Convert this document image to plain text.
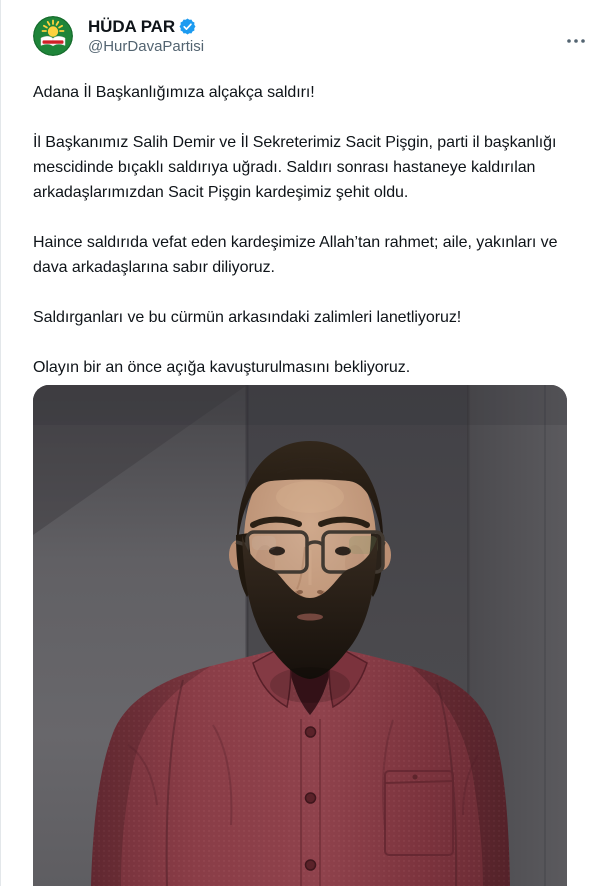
HÜDA PAR
@HurDavaPartisi

Adana İl Başkanlığımıza alçakça saldırı!

İl Başkanımız Salih Demir ve İl Sekreterimiz Sacit Pişgin, parti il başkanlığı mescidinde bıçaklı saldırıya uğradı. Saldırı sonrası hastaneye kaldırılan arkadaşlarımızdan Sacit Pişgin kardeşimiz şehit oldu.

Haince saldırıda vefat eden kardeşimize Allah’tan rahmet; aile, yakınları ve dava arkadaşlarına sabır diliyoruz.

Saldırganları ve bu cürmün arkasındaki zalimleri lanetliyoruz!

Olayın bir an önce açığa kavuşturulmasını bekliyoruz.
